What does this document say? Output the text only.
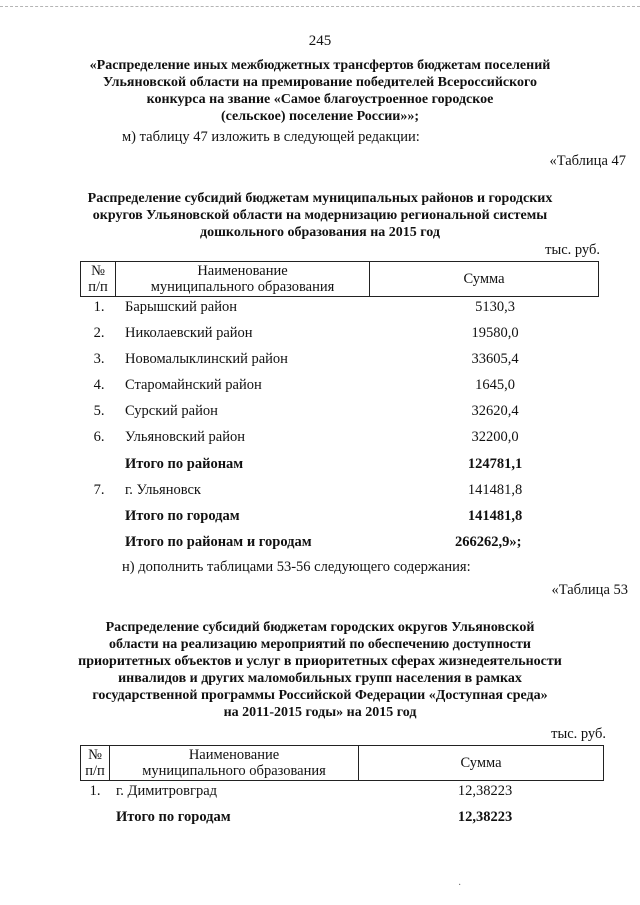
245
«Распределение иных межбюджетных трансфертов бюджетам поселений
Ульяновской области на премирование победителей Всероссийского
конкурса на звание «Самое благоустроенное городское
(сельское) поселение России»»;
м) таблицу 47 изложить в следующей редакции:
«Таблица 47
Распределение субсидий бюджетам муниципальных районов и городских
округов Ульяновской области на модернизацию региональной системы
дошкольного образования на 2015 год
тыс. руб.
№
п/п

Наименование
муниципального образования	Сумма
1.	Барышский район	5130,3
2.	Николаевский район	19580,0
3.	Новомалыклинский район	33605,4
4.	Старомайнский район	1645,0
5.	Сурский район	32620,4
6.	Ульяновский район	32200,0
Итого по районам	124781,1
7.	г. Ульяновск	141481,8
Итого по городам	141481,8
Итого по районам и городам	266262,9»;
н) дополнить таблицами 53-56 следующего содержания:
«Таблица 53
Распределение субсидий бюджетам городских округов Ульяновской
области на реализацию мероприятий по обеспечению доступности
приоритетных объектов и услуг в приоритетных сферах жизнедеятельности
инвалидов и других маломобильных групп населения в рамках
государственной программы Российской Федерации «Доступная среда»
на 2011-2015 годы» на 2015 год
тыс. руб.
№
п/п

Наименование
муниципального образования	Сумма
1.	г. Димитровград	12,38223
Итого по городам	12,38223
·
